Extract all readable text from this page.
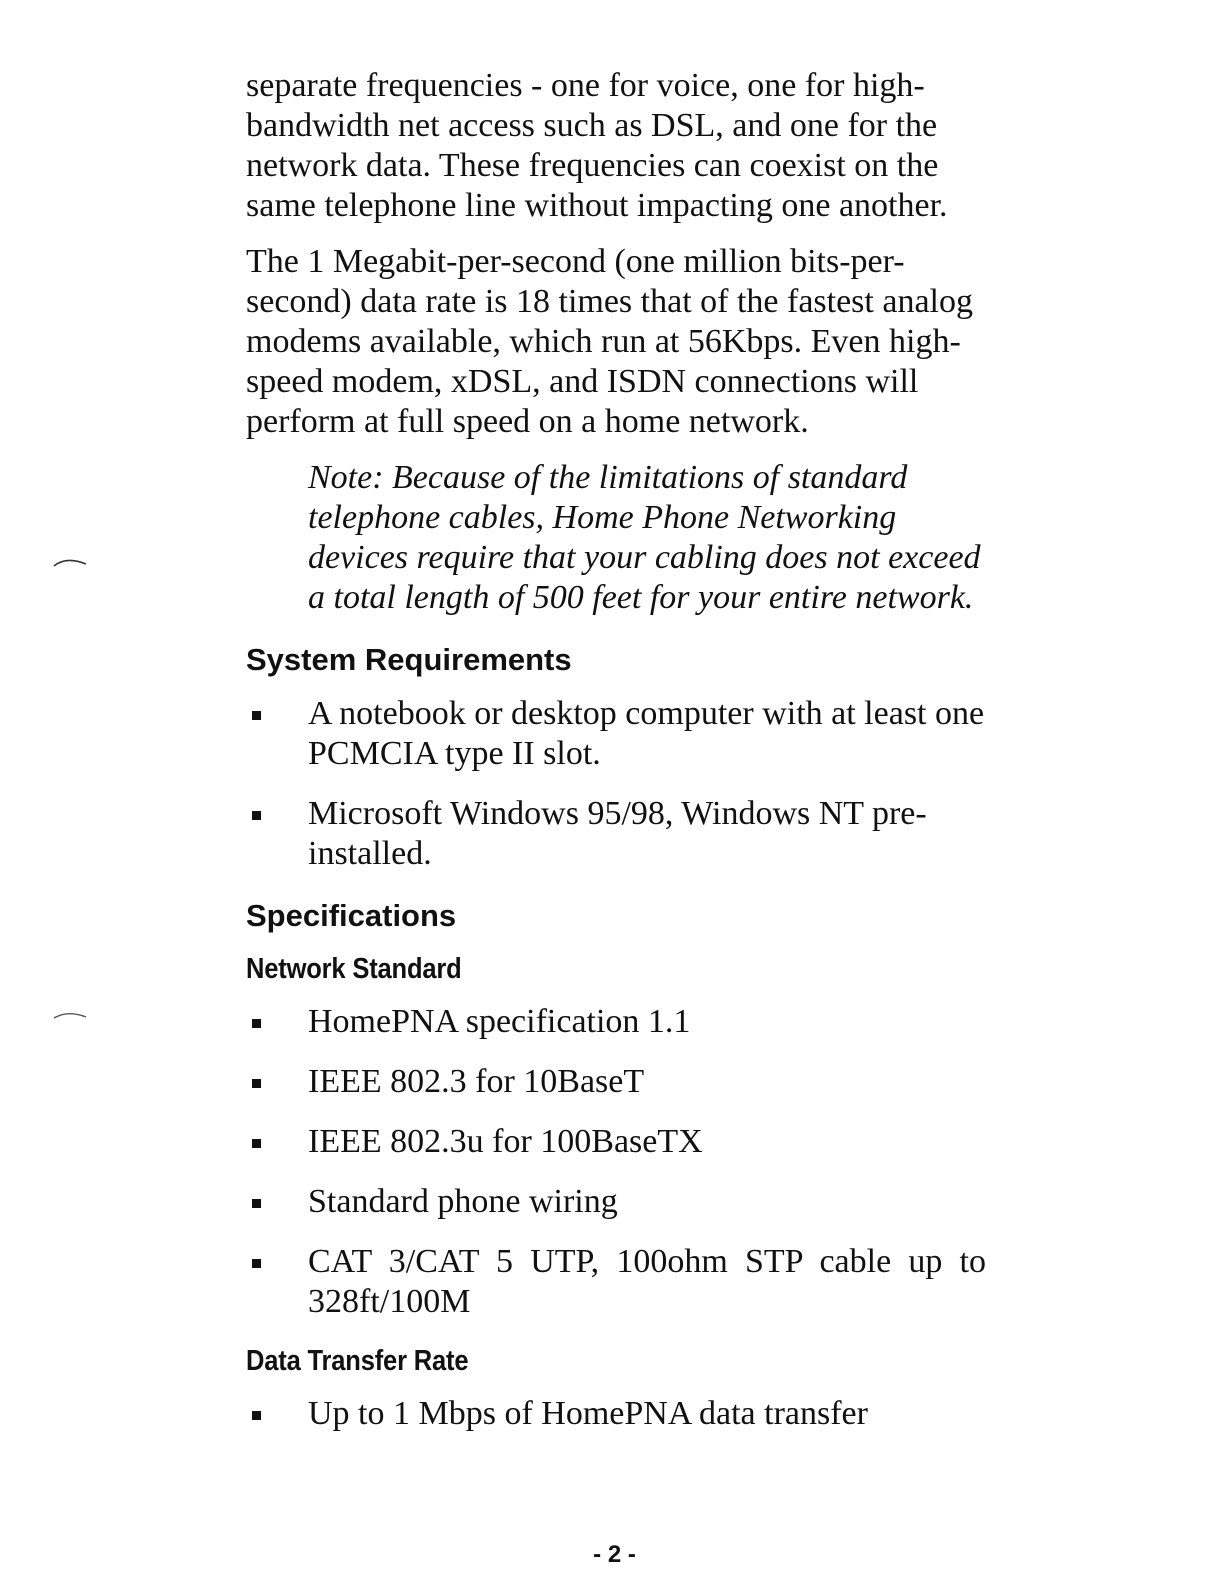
separate frequencies - one for voice, one for high-bandwidth net access such as DSL, and one for the network data. These frequencies can coexist on the same telephone line without impacting one another.

The 1 Megabit-per-second (one million bits-per-second) data rate is 18 times that of the fastest analog modems available, which run at 56Kbps. Even high-speed modem, xDSL, and ISDN connections will perform at full speed on a home network.

Note: Because of the limitations of standard telephone cables, Home Phone Networking devices require that your cabling does not exceed a total length of 500 feet for your entire network.

System Requirements
A notebook or desktop computer with at least one PCMCIA type II slot.
Microsoft Windows 95/98, Windows NT pre-installed.
Specifications
Network Standard
HomePNA specification 1.1
IEEE 802.3 for 10BaseT
IEEE 802.3u for 100BaseTX
Standard phone wiring
CAT 3/CAT 5 UTP, 100ohm STP cable up to 328ft/100M
Data Transfer Rate
Up to 1 Mbps of HomePNA data transfer
- 2 -
